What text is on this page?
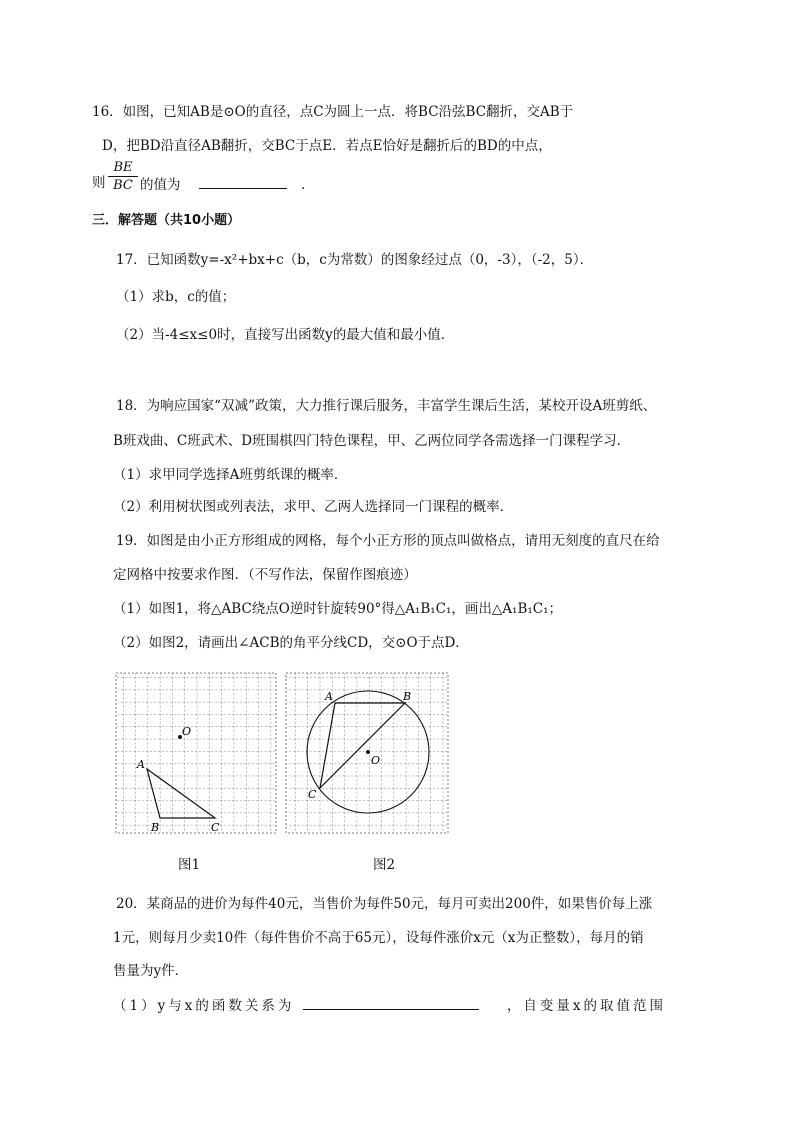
16．如图，已知AB是⊙O的直径，点C为圆上一点．将BC沿弦BC翻折，交AB于
D，把BD沿直径AB翻折，交BC于点E．若点E恰好是翻折后的BD的中点，
则
BE
BC 的值为	．
三．解答题（共10小题）
17．已知函数y=-x²+bx+c（b，c为常数）的图象经过点（0，-3），（-2，5）．
（1）求b，c的值；
（2）当-4≤x≤0时，直接写出函数y的最大值和最小值．
18．为响应国家“双减”政策，大力推行课后服务，丰富学生课后生活，某校开设A班剪纸、
B班戏曲、C班武术、D班围棋四门特色课程，甲、乙两位同学各需选择一门课程学习．
（1）求甲同学选择A班剪纸课的概率．
（2）利用树状图或列表法，求甲、乙两人选择同一门课程的概率．
19．如图是由小正方形组成的网格，每个小正方形的顶点叫做格点，请用无刻度的直尺在给
定网格中按要求作图．（不写作法，保留作图痕迹）
（1）如图1，将△ABC绕点O逆时针旋转90°得△A₁B₁C₁，画出△A₁B₁C₁；
（2）如图2，请画出∠ACB的角平分线CD，交⊙O于点D．
O
A
B	C
O
A	B
C
图1	图2
20．某商品的进价为每件40元，当售价为每件50元，每月可卖出200件，如果售价每上涨
1元，则每月少卖10件（每件售价不高于65元），设每件涨价x元（x为正整数），每月的销
售量为y件．
（1）y与x的函数关系为	，自变量x的取值范围
